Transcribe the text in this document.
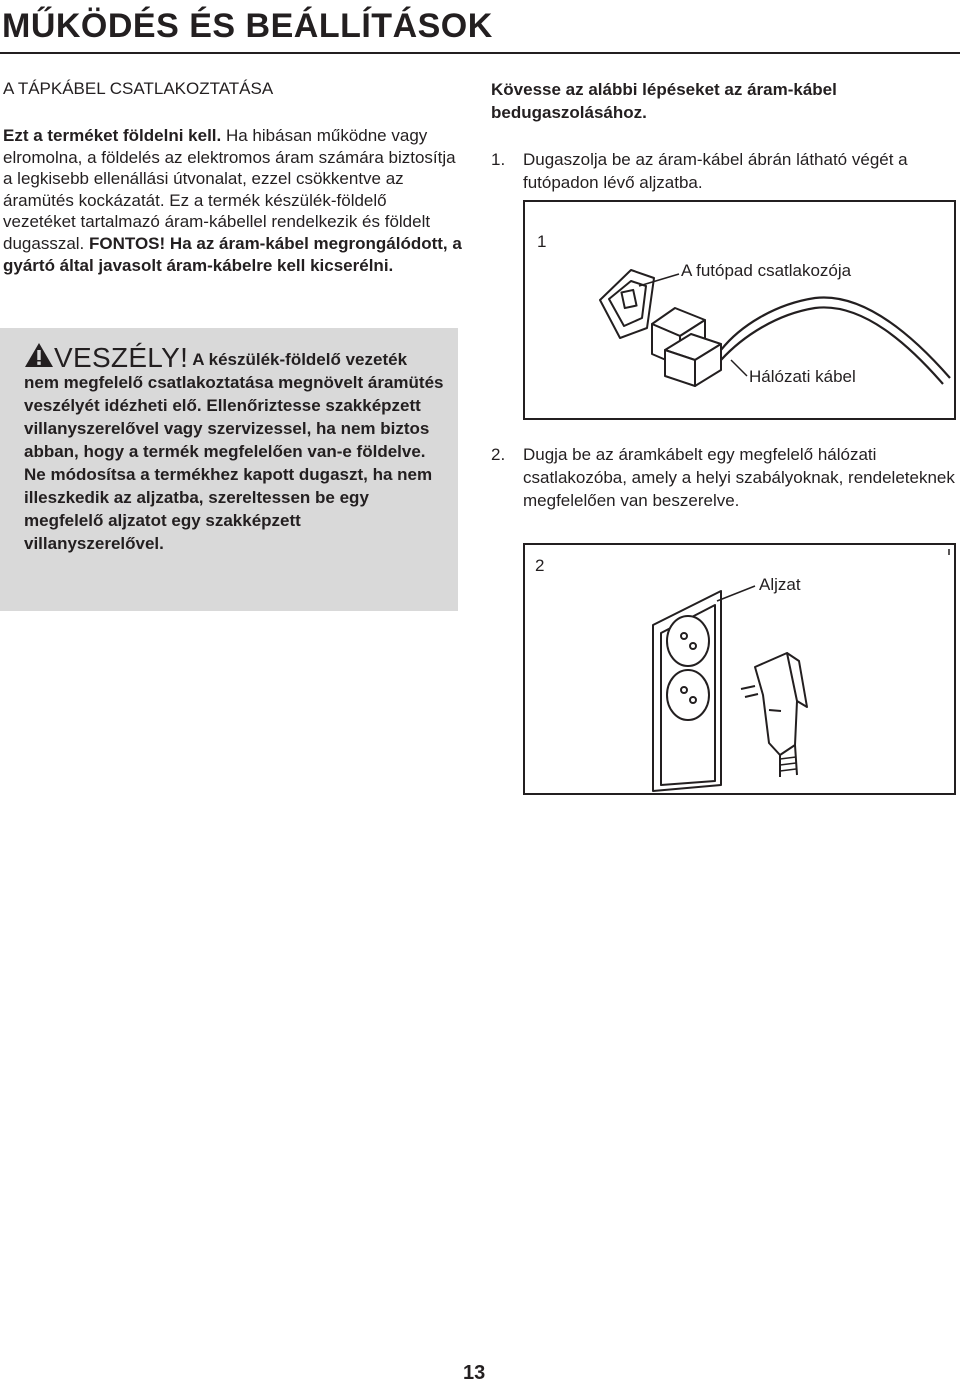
MŰKÖDÉS ÉS BEÁLLÍTÁSOK
A TÁPKÁBEL CSATLAKOZTATÁSA

Ezt a terméket földelni kell. Ha hibásan működne vagy elromolna, a földelés az elektromos áram számára biztosítja a legkisebb ellenállási útvonalat, ezzel csökkentve az áramütés kockázatát. Ez a termék készülék-földelő vezetéket tartalmazó áram-kábellel rendelkezik és földelt dugasszal. FONTOS! Ha az áram-kábel megrongálódott, a gyártó által javasolt áram-kábelre kell kicserélni.

VESZÉLY! A készülék-földelő vezeték nem megfelelő csatlakoztatása megnövelt áramütés veszélyét idézheti elő. Ellenőriztesse szakképzett villanyszerelővel vagy szervizessel, ha nem biztos abban, hogy a termék megfelelően van-e földelve. Ne módosítsa a termékhez kapott dugaszt, ha nem illeszkedik az aljzatba, szereltessen be egy megfelelő aljzatot egy szakképzett villanyszerelővel.

Kövesse az alábbi lépéseket az áram-kábel bedugaszolásához.

1. Dugaszolja be az áram-kábel ábrán látható végét a futópadon lévő aljzatba.
1
A futópad csatlakozója
Hálózati kábel
2. Dugja be az áramkábelt egy megfelelő hálózati csatlakozóba, amely a helyi szabályoknak, rendeleteknek megfelelően van beszerelve.
2
Aljzat
13
